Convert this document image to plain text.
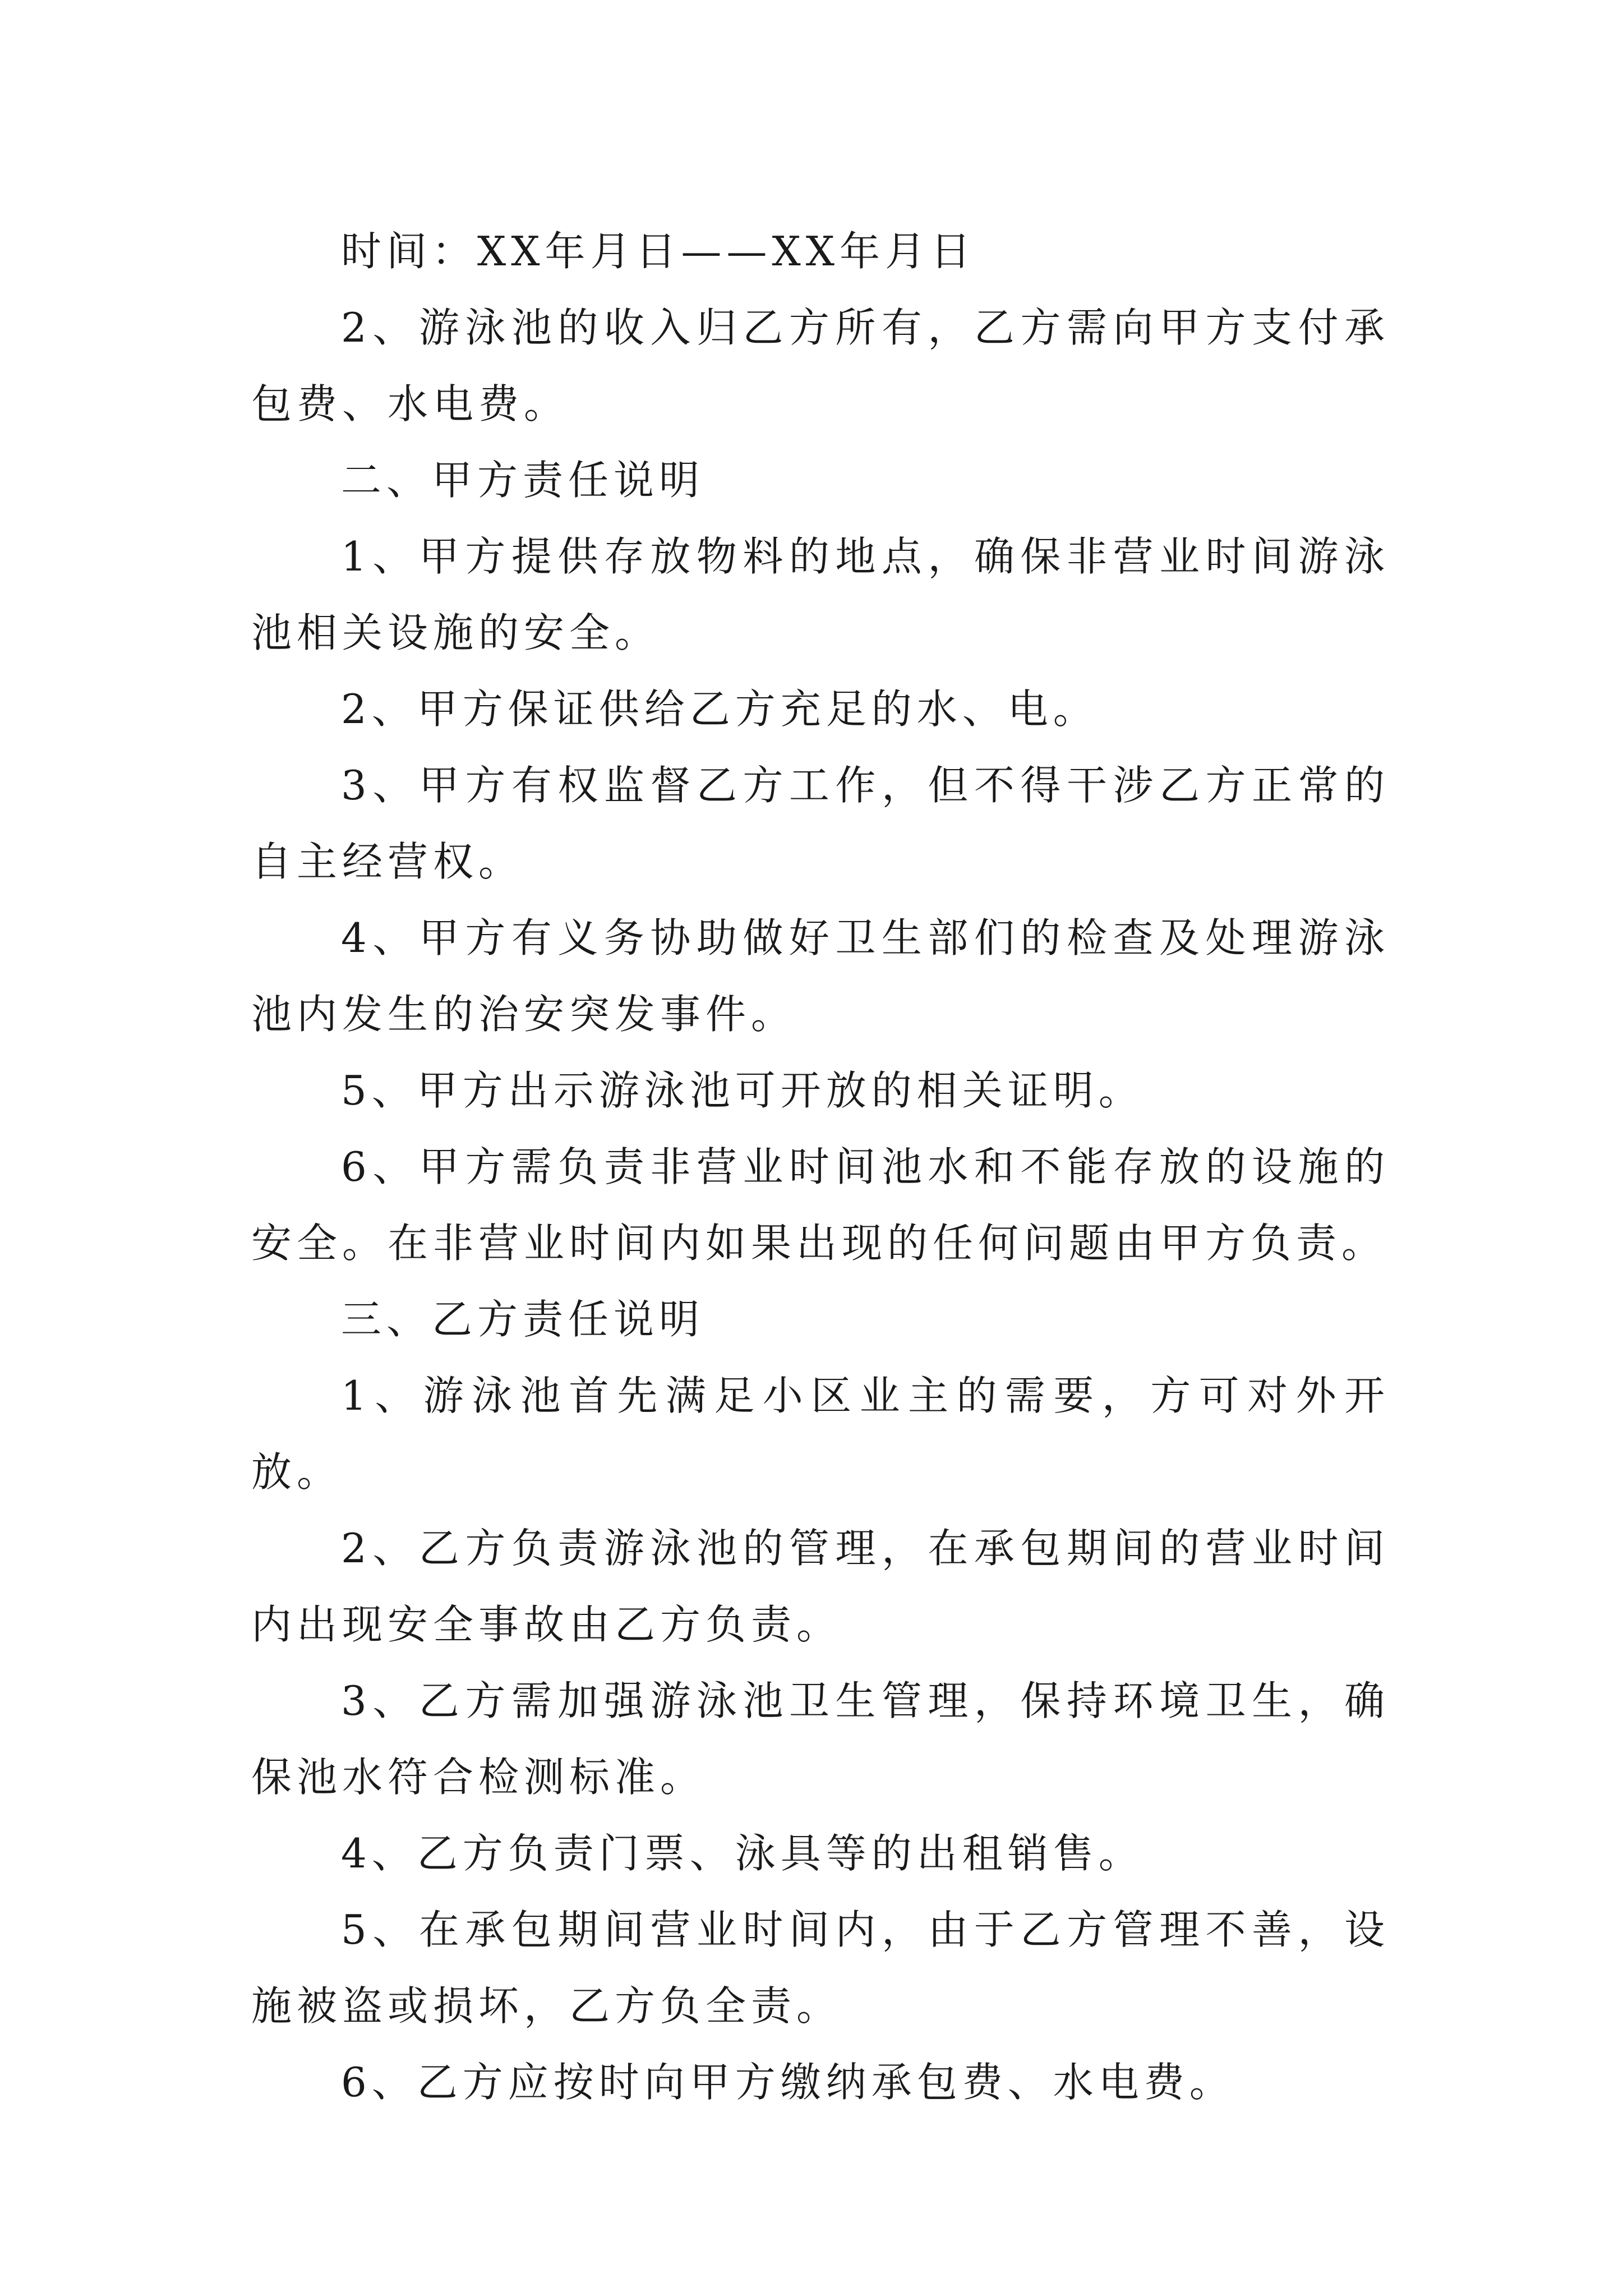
时间：XX年月日——XX年月日

2、游泳池的收入归乙方所有，乙方需向甲方支付承包费、水电费。

二、甲方责任说明

1、甲方提供存放物料的地点，确保非营业时间游泳池相关设施的安全。

2、甲方保证供给乙方充足的水、电。

3、甲方有权监督乙方工作，但不得干涉乙方正常的自主经营权。

4、甲方有义务协助做好卫生部们的检查及处理游泳池内发生的治安突发事件。

5、甲方出示游泳池可开放的相关证明。

6、甲方需负责非营业时间池水和不能存放的设施的安全。在非营业时间内如果出现的任何问题由甲方负责。

三、乙方责任说明

1、游泳池首先满足小区业主的需要，方可对外开放。

2、乙方负责游泳池的管理，在承包期间的营业时间内出现安全事故由乙方负责。

3、乙方需加强游泳池卫生管理，保持环境卫生，确保池水符合检测标准。

4、乙方负责门票、泳具等的出租销售。

5、在承包期间营业时间内，由于乙方管理不善，设施被盗或损坏，乙方负全责。

6、乙方应按时向甲方缴纳承包费、水电费。
